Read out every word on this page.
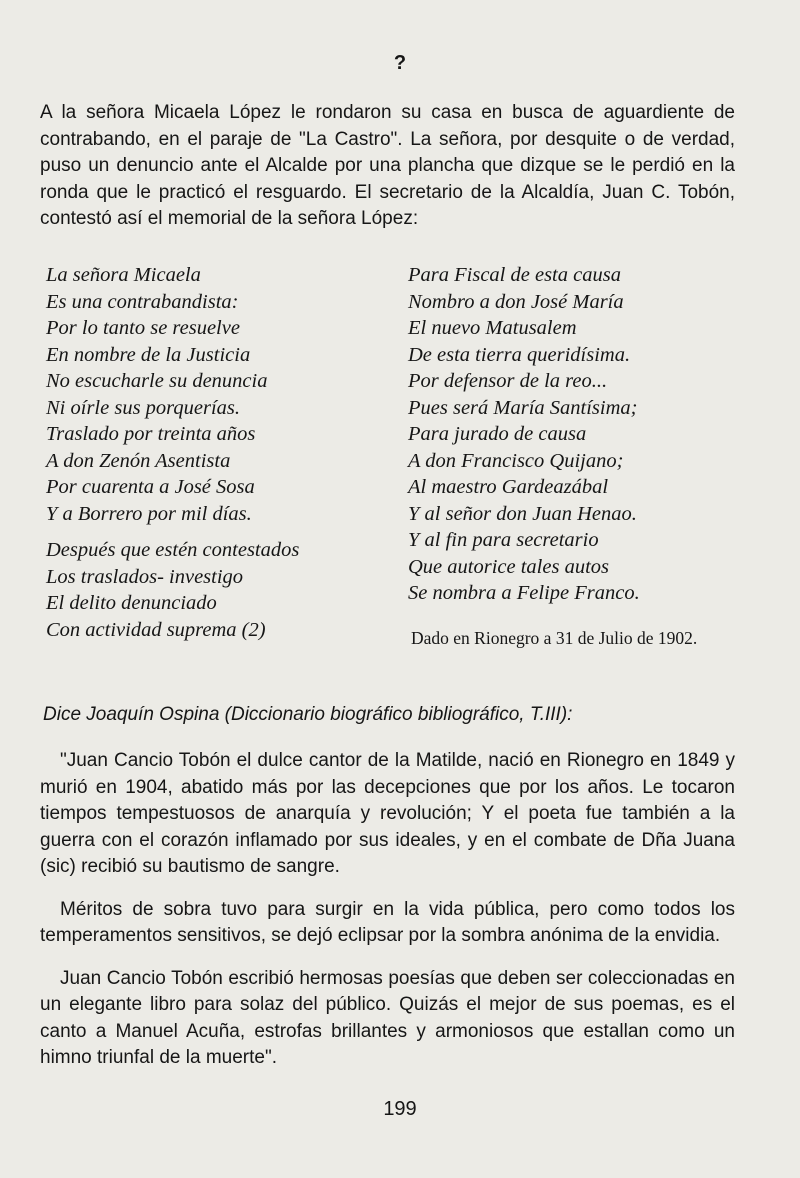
?

A la señora Micaela López le rondaron su casa en busca de aguardiente de contrabando, en el paraje de "La Castro". La señora, por desquite o de verdad, puso un denuncio ante el Alcalde por una plancha que dizque se le perdió en la ronda que le practicó el resguardo. El secretario de la Alcaldía, Juan C. Tobón, contestó así el memorial de la señora López:

La señora Micaela
Es una contrabandista:
Por lo tanto se resuelve
En nombre de la Justicia
No escucharle su denuncia
Ni oírle sus porquerías.
Traslado por treinta años
A don Zenón Asentista
Por cuarenta a José Sosa
Y a Borrero por mil días.
Después que estén contestados
Los traslados- investigo
El delito denunciado
Con actividad suprema (2)
Para Fiscal de esta causa
Nombro a don José María
El nuevo Matusalem
De esta tierra queridísima.
Por defensor de la reo...
Pues será María Santísima;
Para jurado de causa
A don Francisco Quijano;
Al maestro Gardeazábal
Y al señor don Juan Henao.
Y al fin para secretario
Que autorice tales autos
Se nombra a Felipe Franco.
Dado en Rionegro a 31 de Julio de 1902.

Dice Joaquín Ospina (Diccionario biográfico bibliográfico, T.III):

"Juan Cancio Tobón el dulce cantor de la Matilde, nació en Rionegro en 1849 y murió en 1904, abatido más por las decepciones que por los años. Le tocaron tiempos tempestuosos de anarquía y revolución; Y el poeta fue también a la guerra con el corazón inflamado por sus ideales, y en el combate de Dña Juana (sic) recibió su bautismo de sangre.

Méritos de sobra tuvo para surgir en la vida pública, pero como todos los temperamentos sensitivos, se dejó eclipsar por la sombra anónima de la envidia.

Juan Cancio Tobón escribió hermosas poesías que deben ser coleccionadas en un elegante libro para solaz del público. Quizás el mejor de sus poemas, es el canto a Manuel Acuña, estrofas brillantes y armoniosos que estallan como un himno triunfal de la muerte".

199
